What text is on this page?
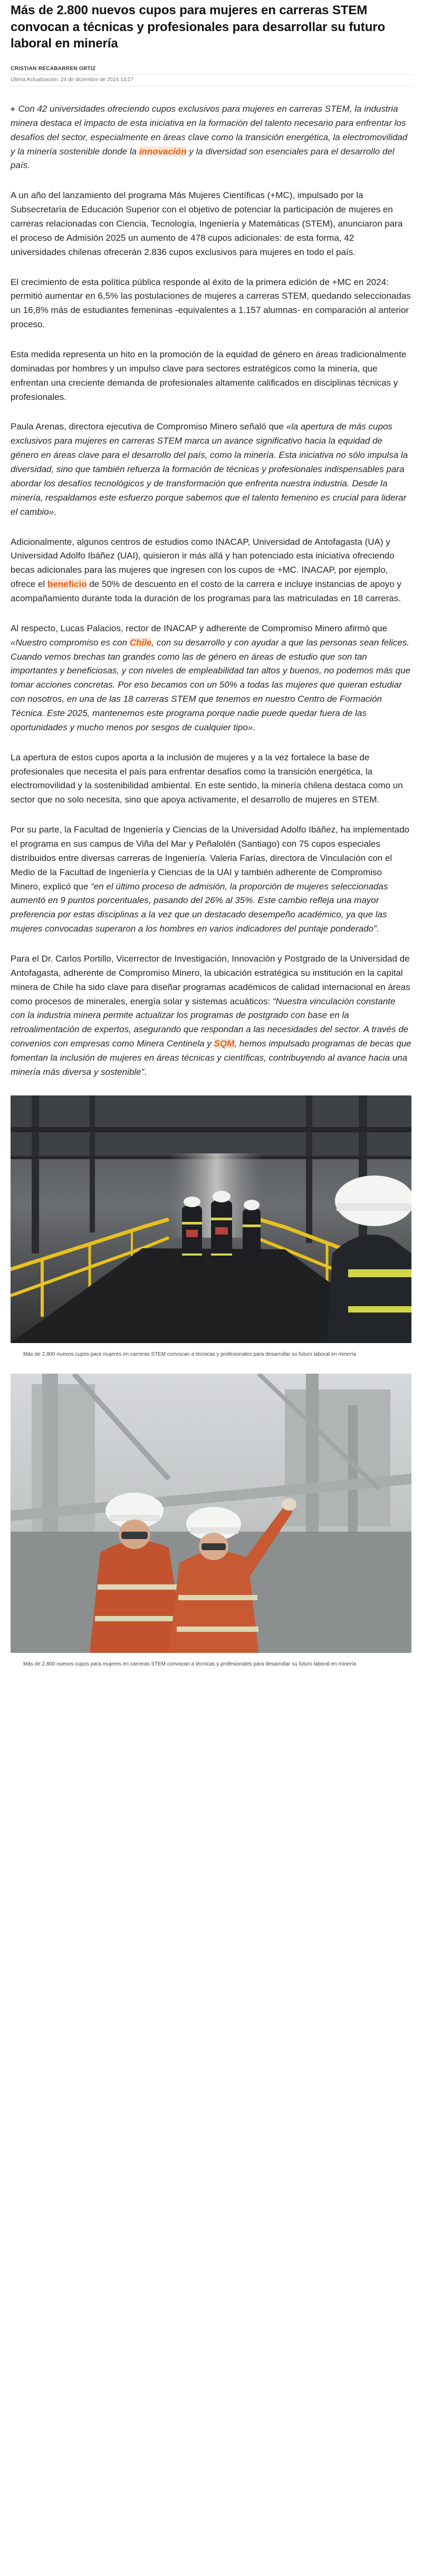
Más de 2.800 nuevos cupos para mujeres en carreras STEM convocan a técnicas y profesionales para desarrollar su futuro laboral en minería
CRISTIAN RECABARREN ORTIZ
Última Actualización: 24 de diciembre de 2024 14:27
◆ Con 42 universidades ofreciendo cupos exclusivos para mujeres en carreras STEM, la industria minera destaca el impacto de esta iniciativa en la formación del talento necesario para enfrentar los desafíos del sector, especialmente en áreas clave como la transición energética, la electromovilidad y la minería sostenible donde la innovación y la diversidad son esenciales para el desarrollo del país.

A un año del lanzamiento del programa Más Mujeres Científicas (+MC), impulsado por la Subsecretaría de Educación Superior con el objetivo de potenciar la participación de mujeres en carreras relacionadas con Ciencia, Tecnología, Ingeniería y Matemáticas (STEM), anunciaron para el proceso de Admisión 2025 un aumento de 478 cupos adicionales: de esta forma, 42 universidades chilenas ofrecerán 2.836 cupos exclusivos para mujeres en todo el país.

El crecimiento de esta política pública responde al éxito de la primera edición de +MC en 2024: permitió aumentar en 6,5% las postulaciones de mujeres a carreras STEM, quedando seleccionadas un 16,8% más de estudiantes femeninas -equivalentes a 1.157 alumnas- en comparación al anterior proceso.

Esta medida representa un hito en la promoción de la equidad de género en áreas tradicionalmente dominadas por hombres y un impulso clave para sectores estratégicos como la minería, que enfrentan una creciente demanda de profesionales altamente calificados en disciplinas técnicas y profesionales.

Paula Arenas, directora ejecutiva de Compromiso Minero señaló que «la apertura de más cupos exclusivos para mujeres en carreras STEM marca un avance significativo hacia la equidad de género en áreas clave para el desarrollo del país, como la minería. Esta iniciativa no sólo impulsa la diversidad, sino que también refuerza la formación de técnicas y profesionales indispensables para abordar los desafíos tecnológicos y de transformación que enfrenta nuestra industria. Desde la minería, respaldamos este esfuerzo porque sabemos que el talento femenino es crucial para liderar el cambio».

Adicionalmente, algunos centros de estudios como INACAP, Universidad de Antofagasta (UA) y Universidad Adolfo Ibáñez (UAI), quisieron ir más allá y han potenciado esta iniciativa ofreciendo becas adicionales para las mujeres que ingresen con los cupos de +MC. INACAP, por ejemplo, ofrece el beneficio de 50% de descuento en el costo de la carrera e incluye instancias de apoyo y acompañamiento durante toda la duración de los programas para las matriculadas en 18 carreras.

Al respecto, Lucas Palacios, rector de INACAP y adherente de Compromiso Minero afirmó que «Nuestro compromiso es con Chile, con su desarrollo y con ayudar a que las personas sean felices. Cuando vemos brechas tan grandes como las de género en áreas de estudio que son tan importantes y beneficiosas, y con niveles de empleabilidad tan altos y buenos, no podemos más que tomar acciones concretas. Por eso becamos con un 50% a todas las mujeres que quieran estudiar con nosotros, en una de las 18 carreras STEM que tenemos en nuestro Centro de Formación Técnica. Este 2025, mantenemos este programa porque nadie puede quedar fuera de las oportunidades y mucho menos por sesgos de cualquier tipo».

La apertura de estos cupos aporta a la inclusión de mujeres y a la vez fortalece la base de profesionales que necesita el país para enfrentar desafíos como la transición energética, la electromovilidad y la sostenibilidad ambiental. En este sentido, la minería chilena destaca como un sector que no solo necesita, sino que apoya activamente, el desarrollo de mujeres en STEM.

Por su parte, la Facultad de Ingeniería y Ciencias de la Universidad Adolfo Ibáñez, ha implementado el programa en sus campus de Viña del Mar y Peñalolén (Santiago) con 75 cupos especiales distribuidos entre diversas carreras de Ingeniería. Valeria Farías, directora de Vinculación con el Medio de la Facultad de Ingeniería y Ciencias de la UAI y también adherente de Compromiso Minero, explicó que “en el último proceso de admisión, la proporción de mujeres seleccionadas aumentó en 9 puntos porcentuales, pasando del 26% al 35%. Este cambio refleja una mayor preferencia por estas disciplinas a la vez que un destacado desempeño académico, ya que las mujeres convocadas superaron a los hombres en varios indicadores del puntaje ponderado”.

Para el Dr. Carlos Portillo, Vicerrector de Investigación, Innovación y Postgrado de la Universidad de Antofagasta, adherente de Compromiso Minero, la ubicación estratégica su institución en la capital minera de Chile ha sido clave para diseñar programas académicos de calidad internacional en áreas como procesos de minerales, energía solar y sistemas acuáticos: “Nuestra vinculación constante con la industria minera permite actualizar los programas de postgrado con base en la retroalimentación de expertos, asegurando que respondan a las necesidades del sector. A través de convenios con empresas como Minera Centinela y SQM, hemos impulsado programas de becas que fomentan la inclusión de mujeres en áreas técnicas y científicas, contribuyendo al avance hacia una minería más diversa y sostenible”.

Más de 2.800 nuevos cupos para mujeres en carreras STEM convocan a técnicas y profesionales para desarrollar su futuro laboral en minería
Más de 2.800 nuevos cupos para mujeres en carreras STEM convocan a técnicas y profesionales para desarrollar su futuro laboral en minería
